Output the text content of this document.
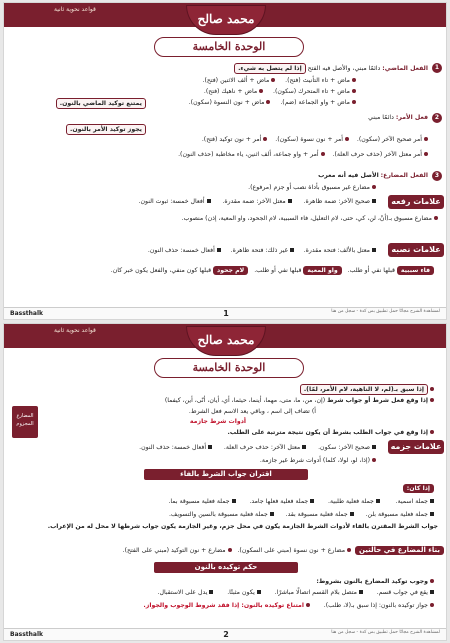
قواعد نحوية ثانية
محمد صالح
الوحدة الخامسة
1
الفعل الماضي: دائمًا مبني، والأصل فيه الفتح إذا لم يتصل به شيء.
ماض + تاء التأنيث (فتح).     ماض + ألف الاثنين (فتح).
ماض + تاء المتحرك (سكون).     ماض + ناهيك (فتح).
ماض + واو الجماعة (ضم).     ماض + نون النسوة (سكون).
يمتنع توكيد الماضي بالنون.
2
فعل الأمر: دائمًا مبني
يجوز توكيد الأمر بالنون.
أمر صحيح الآخر (سكون).    أمر + نون نسوة (سكون).    أمر + نون توكيد (فتح).
أمر معتل الآخر (حذف حرف العلة).    أمر + واو جماعة، ألف اثنين، ياء مخاطبة (حذف النون).
3
الفعل المضارع: الأصل فيه أنه معرب
مضارع غير مسبوق بأداة نصب أو جزم (مرفوع).
علامات رفعه
صحيح الآخر: ضمة ظاهرة.      معتل الآخر: ضمة مقدرة.      أفعال خمسة: ثبوت النون.
مضارع مسبوق بـ(أنْ، لن، كي، حتى، لام التعليل، فاء السببية، لام الجحود، واو المعية، إذن) منصوب.
علامات نصبه
معتل بالألف: فتحة مقدرة.     غير ذلك: فتحة ظاهرة.     أفعال خمسة: حذف النون.
فاء سببية قبلها نفي أو طلب.   واو المعية قبلها نفي أو طلب.   لام جحود قبلها كون منفي، والفعل يكون خبر كان.
Bassthalk	1	لمشاهدة الشرح مجانًا حمل تطبيق بس كدة - سجل من هنا
قواعد نحوية ثانية
محمد صالح
الوحدة الخامسة
المضارع المجزوم
إذا سبق بـ(لم، لا الناهية، لام الأمر، لمّا).
إذا وقع فعل شرط أو جواب شرط (إن، من، ما، متى، مهما، أينما، حيثما، أي، أيان، أنّى، أين، كيفما)
أ) تضاف إلى اسم ، وباقي يعد الاسم فعل الشرط.
أدوات شرط جازمة
إذا وقع في جواب الطلب بشرط أن يكون نتيجة مترتبة على الطلب.
علامات جزمه
صحيح الآخر: سكون.      معتل الآخر: حذف حرف العلة.      أفعال خمسة: حذف النون.
(إذا، لو، لولا، كلما) أدوات شرط غير جازمة.
اقتران جواب الشرط بالفاء
إذا كان:
جملة اسمية.        جملة فعلية طلبية.       جملة فعلية فعلها جامد.       جملة فعلية مسبوقة بما.
جملة فعلية مسبوقة بلن.      جملة فعلية مسبوقة بقد.      جملة فعلية مسبوقة بالسين والتسويف.
جواب الشرط المقترن بالفاء لأدوات الشرط الجازمة يكون في محل جزم، وغير الجازمة يكون جواب شرطها لا محل له من الإعراب.
بناء المضارع في حالتين  مضارع + نون نسوة (مبني على السكون).   مضارع + نون التوكيد (مبني على الفتح).
حكم توكيده بالنون
وجوب توكيد المضارع بالنون بشروط:
يقع في جواب قسم.       متصل بلام القسم اتصالًا مباشرًا.       يكون مثبتًا.       يدل على الاستقبال.
جواز توكيده بالنون: إذا سبق بـ(لا، طلب).       امتناع توكيده بالنون: إذا فقد شروط الوجوب والجواز.
Bassthalk	2	لمشاهدة الشرح مجانًا حمل تطبيق بس كدة - سجل من هنا
